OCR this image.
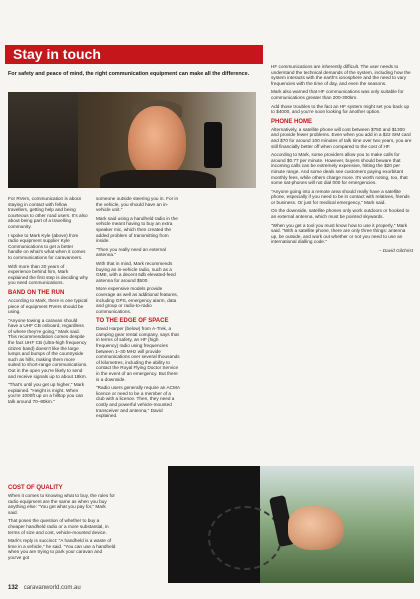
Stay in touch
For safety and peace of mind, the right communication equipment can make all the difference.

For RVers, communication is about staying in contact with fellow travellers, getting help and being courteous to other road users. It's also about being part of a travelling community.

I spoke to Mark Kyle (above) from radio equipment supplier Kyle Communications to get a better handle on what's what when it comes to communications for caravanners.

With more than 20 years of experience behind him, Mark explained the first step is deciding why you need communications.

BAND ON THE RUN

According to Mark, there is one typical piece of equipment RVers should be using.

"Anyone towing a caravan should have a UHF CB onboard, regardless of where they're going," Mark said. This recommendation comes despite the fact UHF CB (ultra-high frequency citizen band) doesn't like the large lumps and bumps of the countryside such as hills, making them more suited to short-range communications. Out in the open you're likely to send and receive signals up to about 18km.

"That's until you get up higher," Mark explained. "Height is might. When you're 1000ft up on a hilltop you can talk around 70–80km."

COST OF QUALITY

When it comes to knowing what to buy, the rules for radio equipment are the same as when you buy anything else: "You get what you pay for," Mark said.

That poses the question of whether to buy a cheaper handheld radio or a more substantial, in terms of size and cost, vehicle-mounted device.

Mark's reply is succinct: "A handheld is a waste of time in a vehicle," he said. "You can use a handheld when you are trying to park your caravan and you've got

someone outside steering you in. For in the vehicle, you should have an in-vehicle unit."

Mark said using a handheld radio in the vehicle meant having to buy an extra speaker mic, which then created the added problem of transmitting from inside.

"Then you really need an external antenna."

With that in mind, Mark recommends buying an in-vehicle radio, such as a GME, with a decent 6db elevated-feed antenna for around $500.

More expensive models provide coverage as well as additional features, including GPS, emergency alarm, data and group or radio-to-radio communications.

TO THE EDGE OF SPACE

David Harper (below) from A-Trek, a camping gear rental company, says that in terms of safety, an HF (high frequency) radio using frequencies between 1–30 MHz will provide communications over several thousands of kilometres, including the ability to contact the Royal Flying Doctor Service in the event of an emergency. But there is a downside.

"Radio users generally require an ACMA licence or need to be a member of a club with a licence. Then, they need a costly and powerful vehicle-mounted transceiver and antenna," David explained.

HF communications are inherently difficult. The user needs to understand the technical demands of the system, including how the system interacts with the earth's ionosphere and the need to vary frequencies with the time of day, and even the seasons.

Mark also warned that HF communications was only suitable for communications greater than 200-300km.

Add those troubles to the fact an HF system might set you back up to $4000, and you're soon looking for another option.

PHONE HOME

Alternatively, a satellite phone will cost between $750 and $1300 and provide fewer problems. Even when you add in a $22 SIM card and $70 for around 100 minutes of talk time over two years, you are still financially better off when compared to the cost of HF.

According to Mark, some providers allow you to make calls for around $0.77 per minute. However, buyers should beware that incoming calls can be extremely expensive, hitting the $20 per minute range. And some deals see customers paying exorbitant monthly fees, while others charge more. It's worth noting, too, that some sat-phones will not dial 000 for emergencies.

"Anyone going into a remote area should really have a satellite phone, especially if you need to be in contact with relatives, friends or business. Or just for medical emergency," Mark said.

On the downside, satellite phones only work outdoors or hooked to an external antenna, which must be pointed skywards.

"When you get a tool you must know how to use it properly," Mark said. "With a satellite phone, there are only three things: antenna up, be outside, and work out whether or not you need to use an international dialling code."

– David Gilchrist

132 caravanworld.com.au
